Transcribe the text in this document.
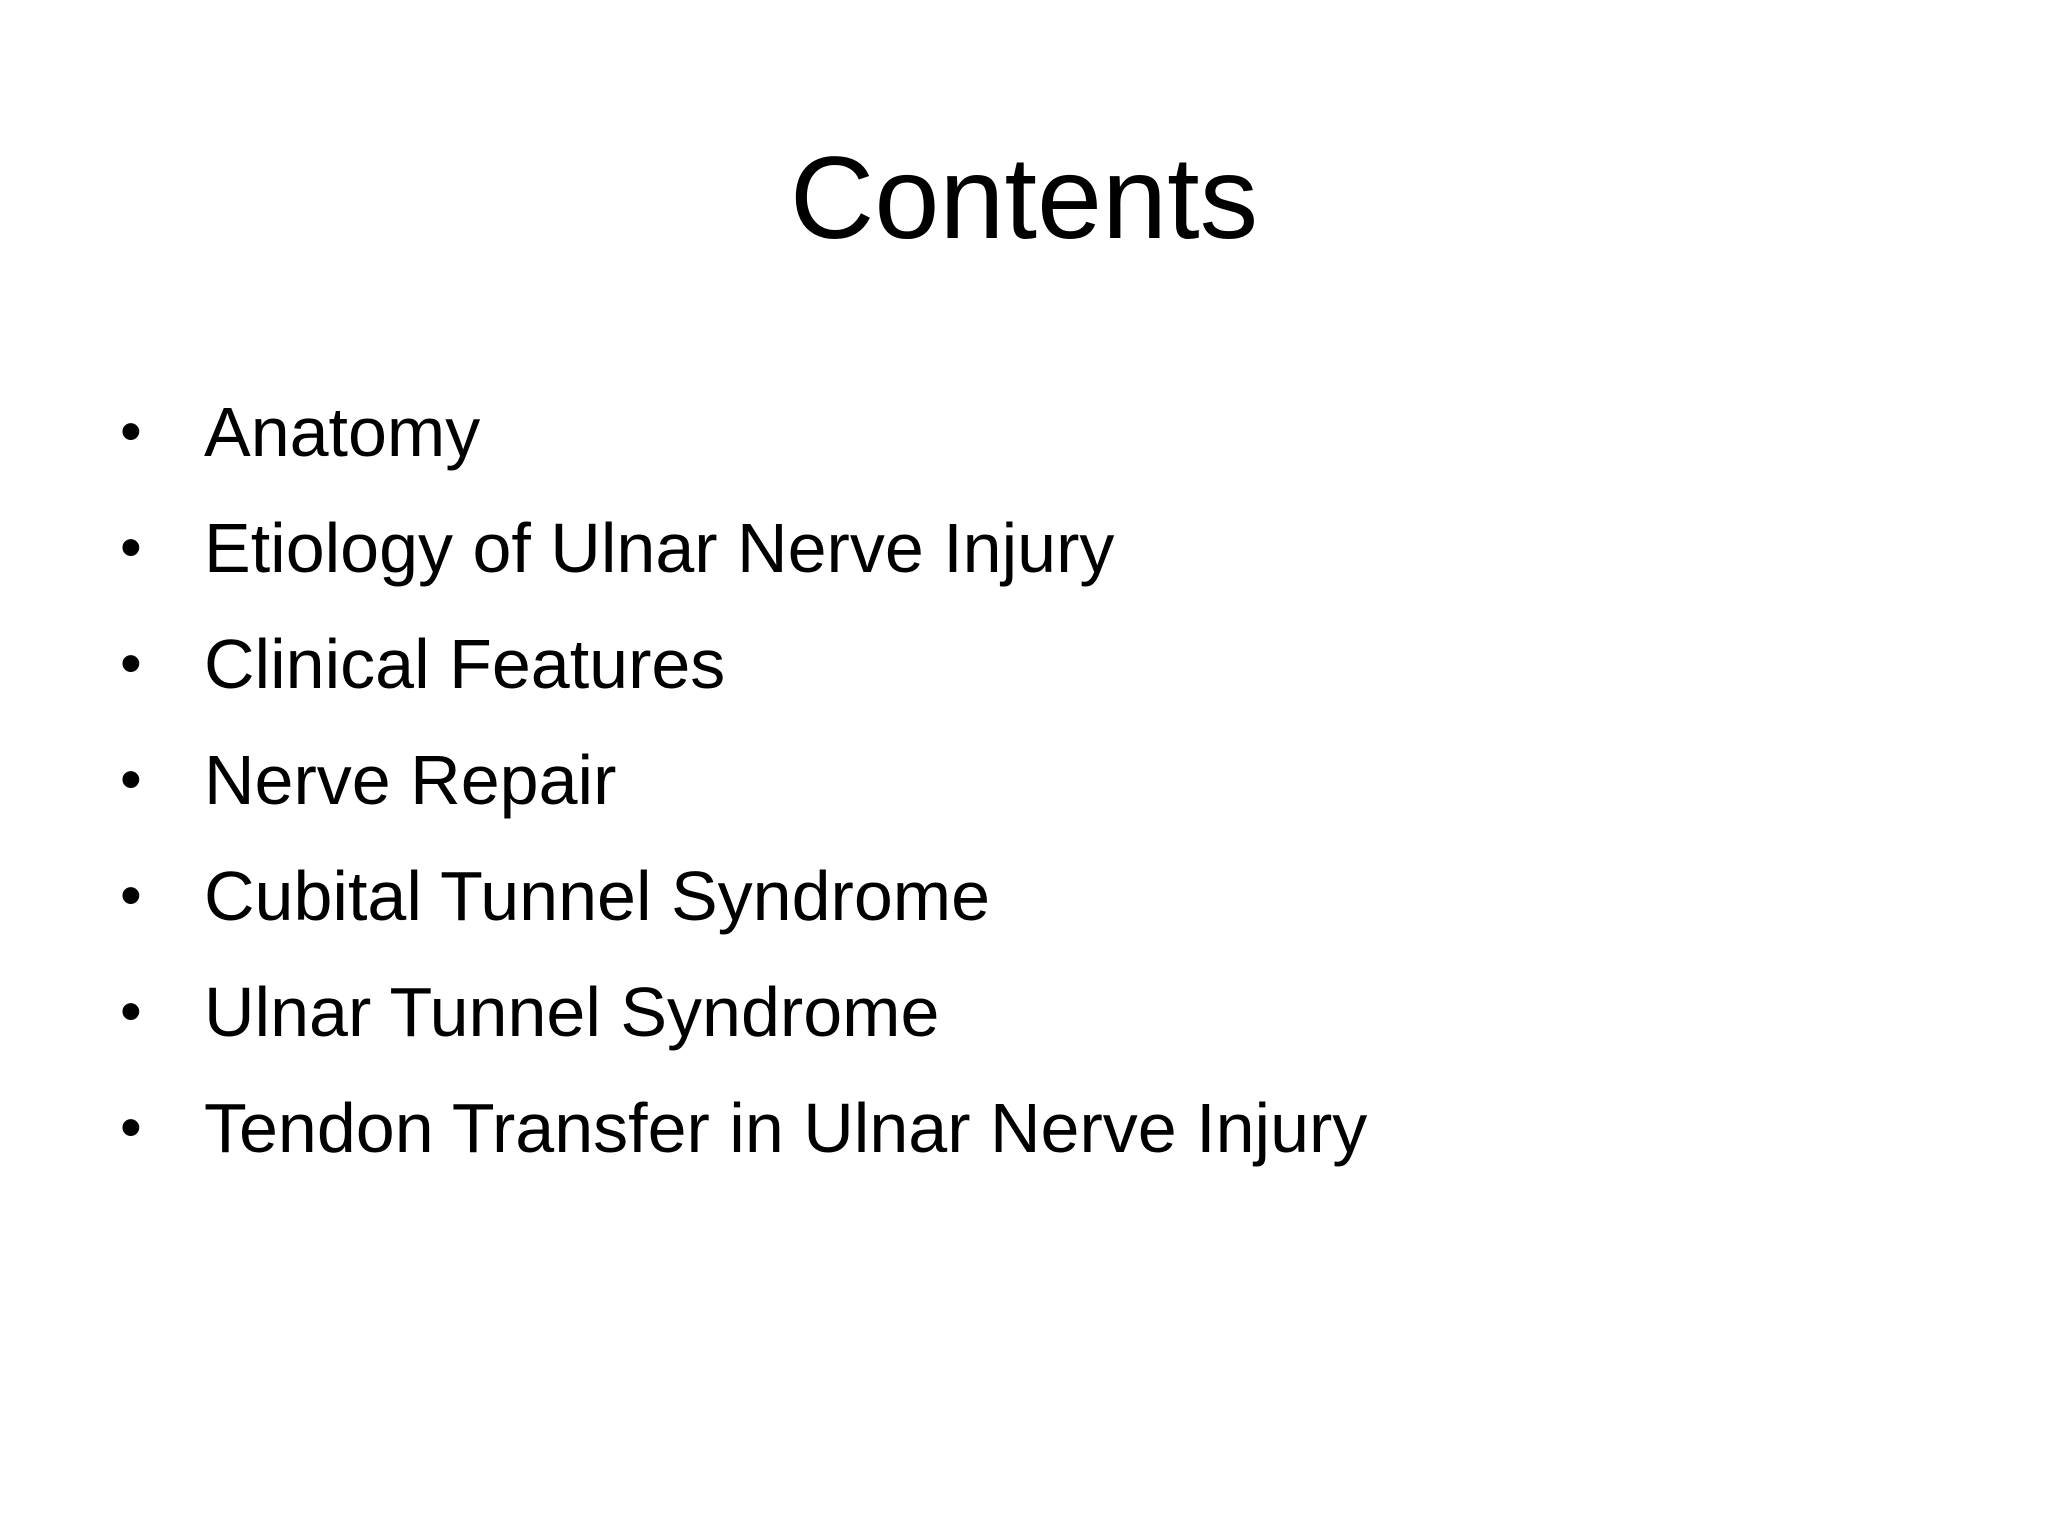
Contents
• Anatomy
• Etiology of Ulnar Nerve Injury
• Clinical Features
• Nerve Repair
• Cubital Tunnel Syndrome
• Ulnar Tunnel Syndrome
• Tendon Transfer in Ulnar Nerve Injury
